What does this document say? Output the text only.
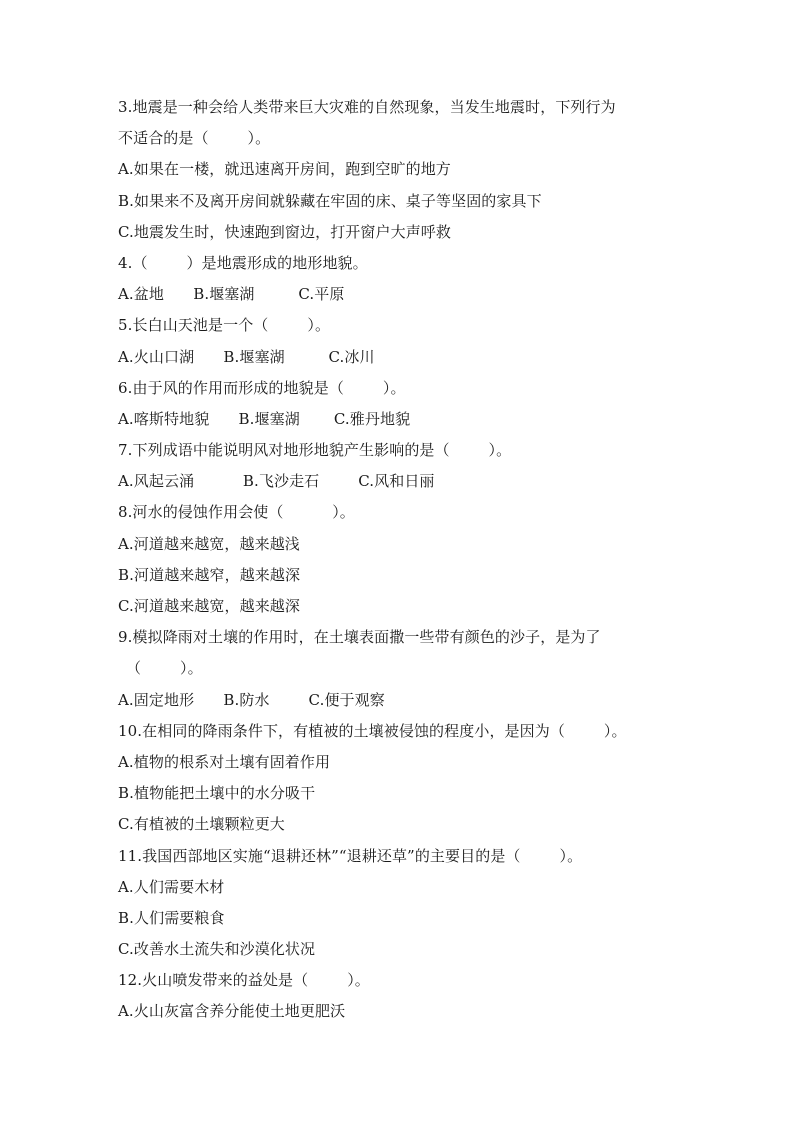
3.地震是一种会给人类带来巨大灾难的自然现象，当发生地震时，下列行为
不适合的是（        ）。
A.如果在一楼，就迅速离开房间，跑到空旷的地方
B.如果来不及离开房间就躲藏在牢固的床、桌子等坚固的家具下
C.地震发生时，快速跑到窗边，打开窗户大声呼救
4.（        ）是地震形成的地形地貌。
A.盆地      B.堰塞湖         C.平原
5.长白山天池是一个（        ）。
A.火山口湖      B.堰塞湖         C.冰川
6.由于风的作用而形成的地貌是（        ）。
A.喀斯特地貌      B.堰塞湖       C.雅丹地貌
7.下列成语中能说明风对地形地貌产生影响的是（        ）。
A.风起云涌          B.飞沙走石        C.风和日丽
8.河水的侵蚀作用会使（          ）。
A.河道越来越宽，越来越浅
B.河道越来越窄，越来越深
C.河道越来越宽，越来越深
9.模拟降雨对土壤的作用时，在土壤表面撒一些带有颜色的沙子，是为了
（        ）。
A.固定地形      B.防水        C.便于观察
10.在相同的降雨条件下，有植被的土壤被侵蚀的程度小，是因为（        ）。
A.植物的根系对土壤有固着作用
B.植物能把土壤中的水分吸干
C.有植被的土壤颗粒更大
11.我国西部地区实施“退耕还林”“退耕还草”的主要目的是（        ）。
A.人们需要木材
B.人们需要粮食
C.改善水土流失和沙漠化状况
12.火山喷发带来的益处是（        ）。
A.火山灰富含养分能使土地更肥沃
